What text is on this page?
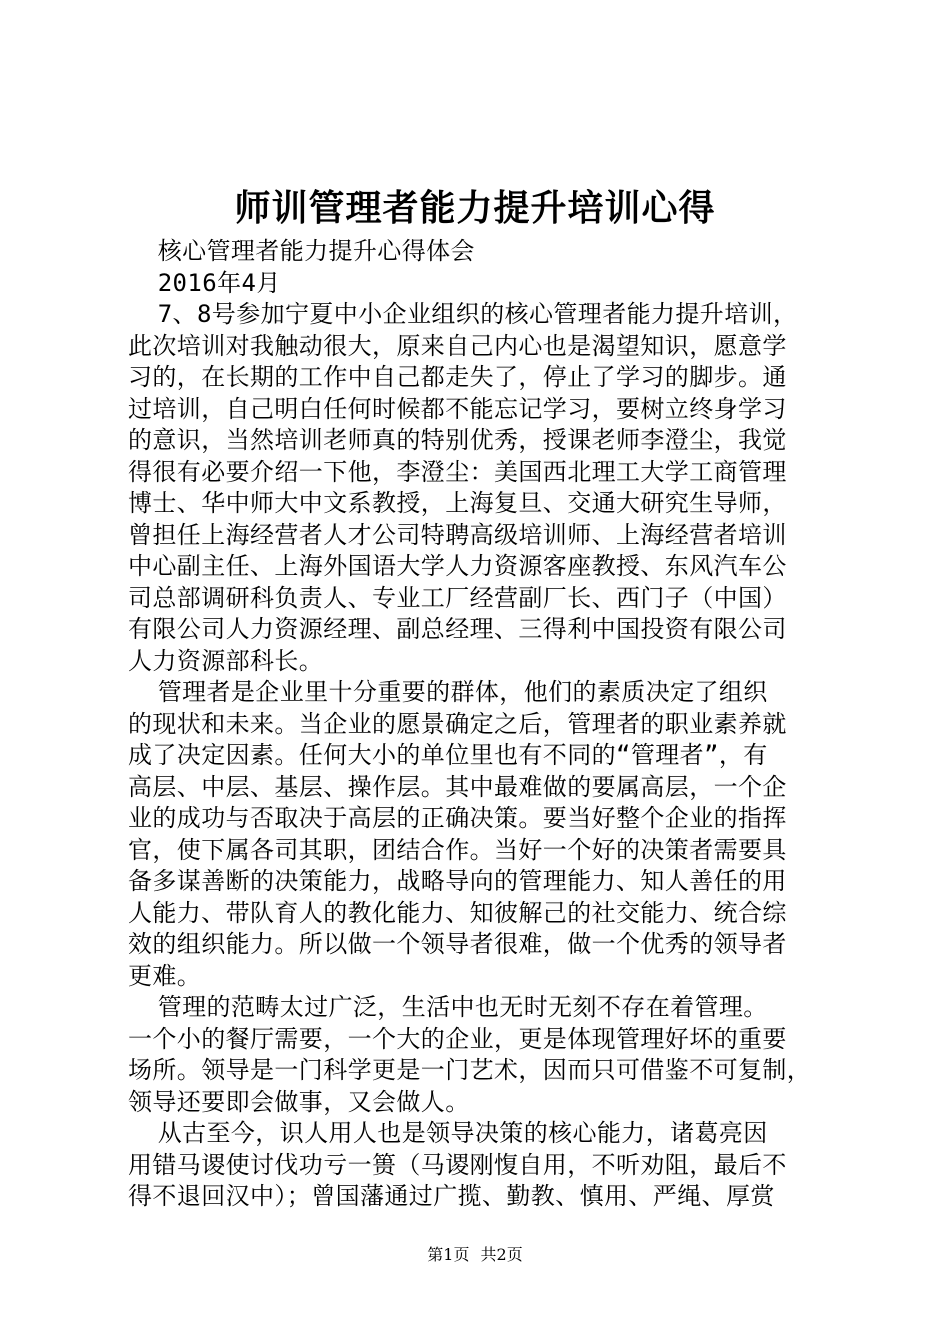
师训管理者能力提升培训心得
核心管理者能力提升心得体会
2016年4月
7、8号参加宁夏中小企业组织的核心管理者能力提升培训，
此次培训对我触动很大，原来自己内心也是渴望知识，愿意学
习的，在长期的工作中自己都走失了，停止了学习的脚步。通
过培训，自己明白任何时候都不能忘记学习，要树立终身学习
的意识，当然培训老师真的特别优秀，授课老师李澄尘，我觉
得很有必要介绍一下他，李澄尘：美国西北理工大学工商管理
博士、华中师大中文系教授，上海复旦、交通大研究生导师，
曾担任上海经营者人才公司特聘高级培训师、上海经营者培训
中心副主任、上海外国语大学人力资源客座教授、东风汽车公
司总部调研科负责人、专业工厂经营副厂长、西门子（中国）
有限公司人力资源经理、副总经理、三得利中国投资有限公司
人力资源部科长。
管理者是企业里十分重要的群体，他们的素质决定了组织
的现状和未来。当企业的愿景确定之后，管理者的职业素养就
成了决定因素。任何大小的单位里也有不同的“管理者”，有
高层、中层、基层、操作层。其中最难做的要属高层，一个企
业的成功与否取决于高层的正确决策。要当好整个企业的指挥
官，使下属各司其职，团结合作。当好一个好的决策者需要具
备多谋善断的决策能力，战略导向的管理能力、知人善任的用
人能力、带队育人的教化能力、知彼解己的社交能力、统合综
效的组织能力。所以做一个领导者很难，做一个优秀的领导者
更难。
管理的范畴太过广泛，生活中也无时无刻不存在着管理。
一个小的餐厅需要，一个大的企业，更是体现管理好坏的重要
场所。领导是一门科学更是一门艺术，因而只可借鉴不可复制，
领导还要即会做事，又会做人。
从古至今，识人用人也是领导决策的核心能力，诸葛亮因
用错马谡使讨伐功亏一篑（马谡刚愎自用，不听劝阻，最后不
得不退回汉中）；曾国藩通过广揽、勤教、慎用、严绳、厚赏
第1页 共2页
